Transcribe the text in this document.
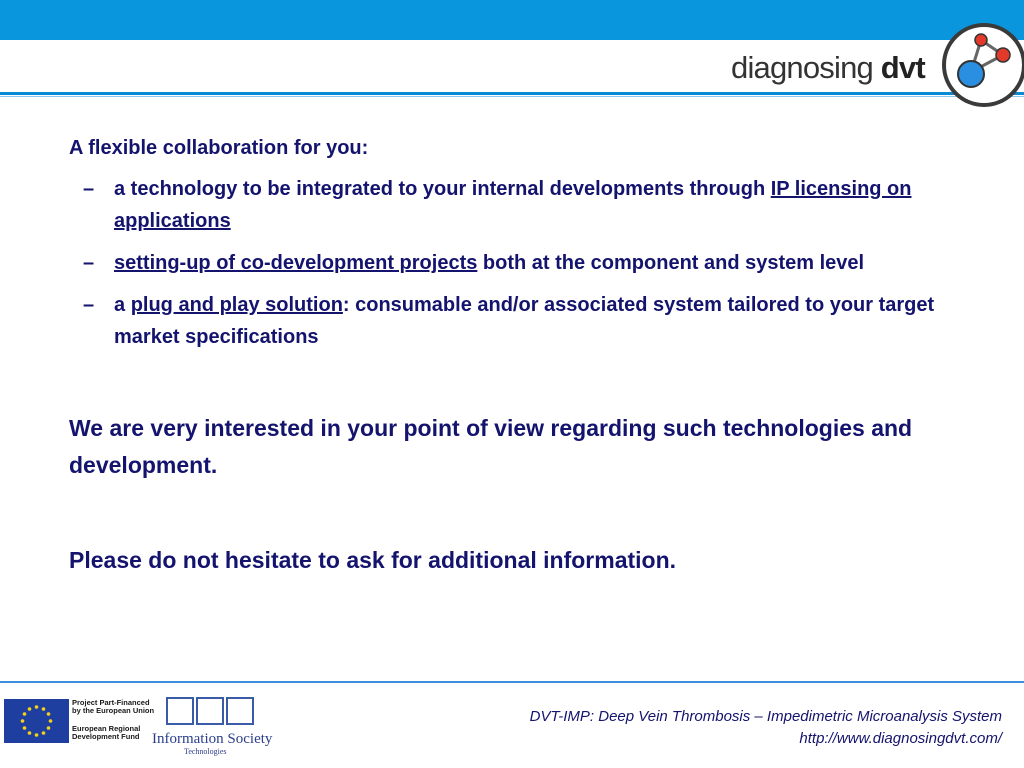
diagnosing dvt

A flexible collaboration for you:

– a technology to be integrated to your internal developments through IP licensing on applications
– setting-up of co-development projects both at the component and system level
– a plug and play solution: consumable and/or associated system tailored to your target market specifications

We are very interested in your point of view regarding such technologies and development.

Please do not hesitate to ask for additional information.

Project Part-Financed
by the European Union
European Regional
Development Fund Information Society
Technologies
DVT-IMP: Deep Vein Thrombosis – Impedimetric Microanalysis System
http://www.diagnosingdvt.com/
